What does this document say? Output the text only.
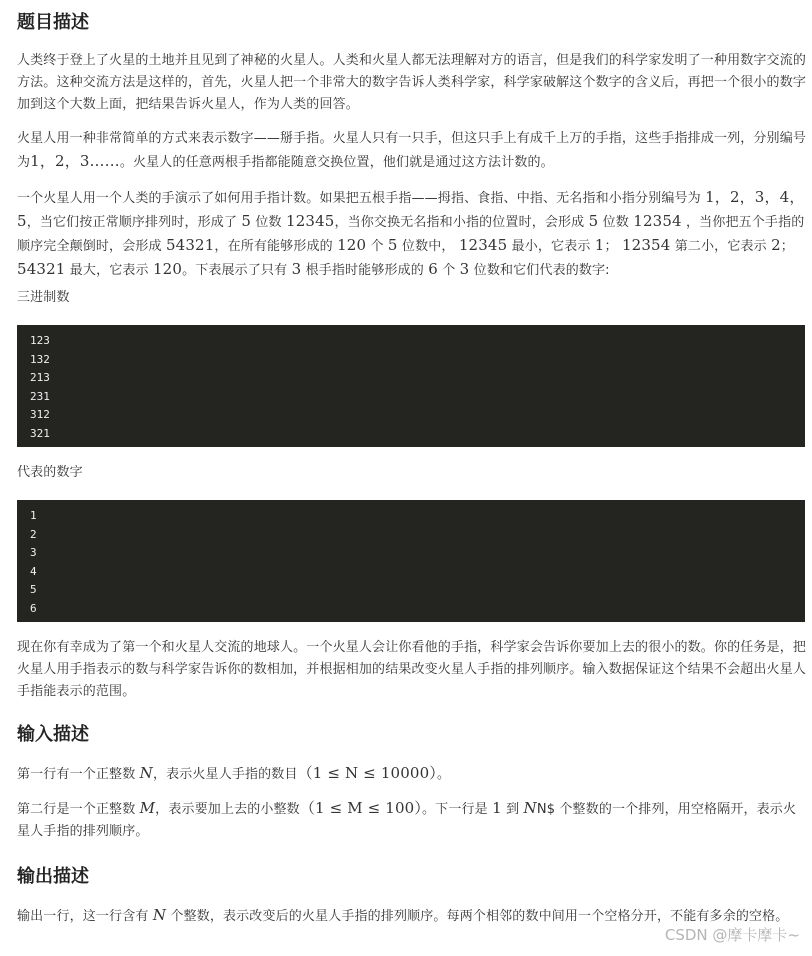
题目描述

人类终于登上了火星的土地并且见到了神秘的火星人。人类和火星人都无法理解对方的语言，但是我们的科学家发明了一种用数字交流的方法。这种交流方法是这样的，首先，火星人把一个非常大的数字告诉人类科学家，科学家破解这个数字的含义后，再把一个很小的数字加到这个大数上面，把结果告诉火星人，作为人类的回答。

火星人用一种非常简单的方式来表示数字——掰手指。火星人只有一只手，但这只手上有成千上万的手指，这些手指排成一列，分别编号为1，2，3……。火星人的任意两根手指都能随意交换位置，他们就是通过这方法计数的。

一个火星人用一个人类的手演示了如何用手指计数。如果把五根手指——拇指、食指、中指、无名指和小指分别编号为 1，2，3，4，5，当它们按正常顺序排列时，形成了 5 位数 12345，当你交换无名指和小指的位置时，会形成 5 位数 12354 ，当你把五个手指的顺序完全颠倒时，会形成 54321，在所有能够形成的 120 个 5 位数中， 12345 最小，它表示 1； 12354 第二小，它表示 2； 54321 最大，它表示 120。下表展示了只有 3 根手指时能够形成的 6 个 3 位数和它们代表的数字:

三进制数

123
132
213
231
312
321

代表的数字

1
2
3
4
5
6

现在你有幸成为了第一个和火星人交流的地球人。一个火星人会让你看他的手指，科学家会告诉你要加上去的很小的数。你的任务是，把火星人用手指表示的数与科学家告诉你的数相加，并根据相加的结果改变火星人手指的排列顺序。输入数据保证这个结果不会超出火星人手指能表示的范围。

输入描述

第一行有一个正整数 N，表示火星人手指的数目（1 ≤ N ≤ 10000）。

第二行是一个正整数 M，表示要加上去的小整数（1 ≤ M ≤ 100）。下一行是 1 到 NN$ 个整数的一个排列，用空格隔开，表示火星人手指的排列顺序。

输出描述

输出一行，这一行含有 N 个整数，表示改变后的火星人手指的排列顺序。每两个相邻的数中间用一个空格分开，不能有多余的空格。

CSDN @摩卡摩卡~
